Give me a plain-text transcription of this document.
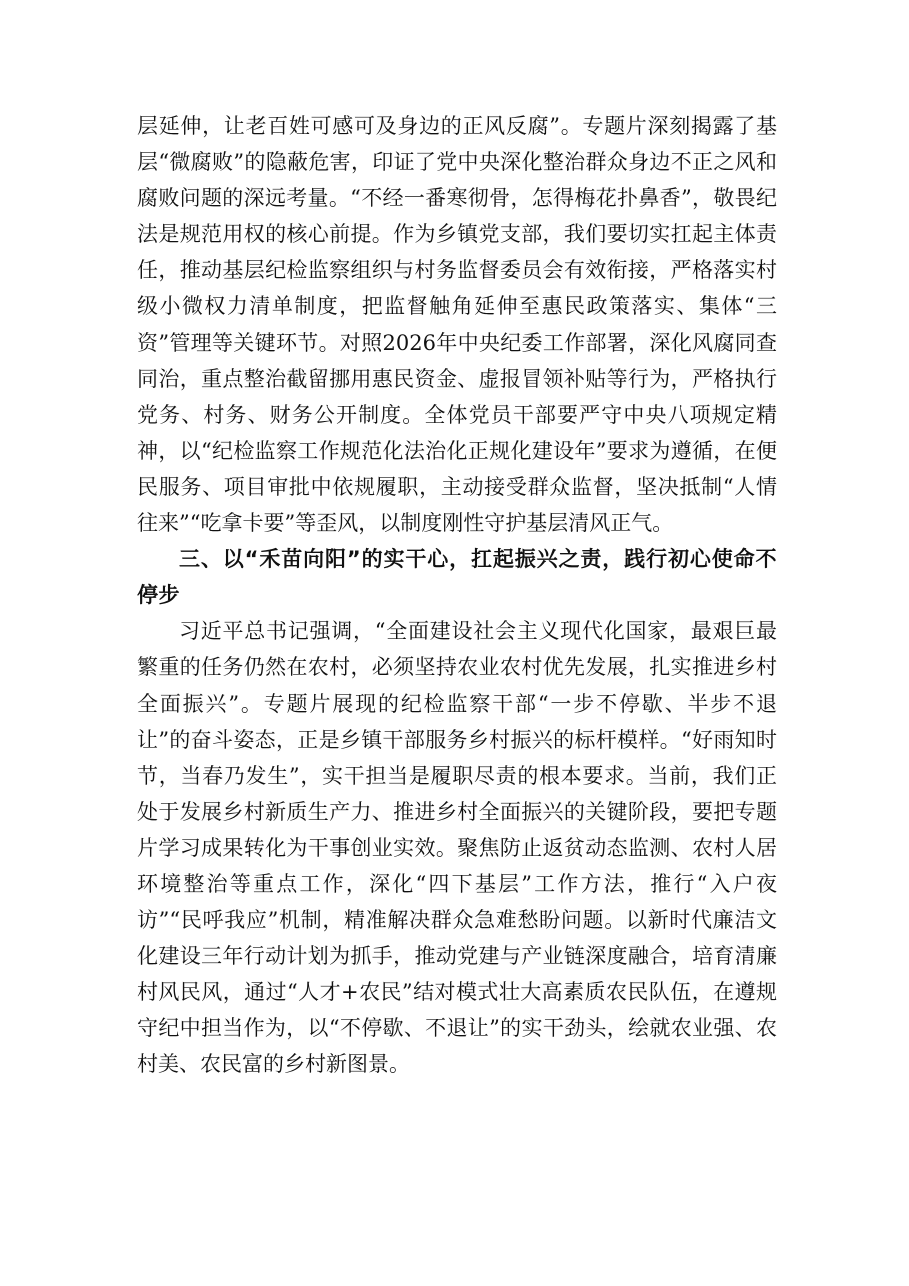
层延伸，让老百姓可感可及身边的正风反腐”。专题片深刻揭露了基层“微腐败”的隐蔽危害，印证了党中央深化整治群众身边不正之风和腐败问题的深远考量。“不经一番寒彻骨，怎得梅花扑鼻香”，敬畏纪法是规范用权的核心前提。作为乡镇党支部，我们要切实扛起主体责任，推动基层纪检监察组织与村务监督委员会有效衔接，严格落实村级小微权力清单制度，把监督触角延伸至惠民政策落实、集体“三资”管理等关键环节。对照2026年中央纪委工作部署，深化风腐同查同治，重点整治截留挪用惠民资金、虚报冒领补贴等行为，严格执行党务、村务、财务公开制度。全体党员干部要严守中央八项规定精神，以“纪检监察工作规范化法治化正规化建设年”要求为遵循，在便民服务、项目审批中依规履职，主动接受群众监督，坚决抵制“人情往来”“吃拿卡要”等歪风，以制度刚性守护基层清风正气。

三、以“禾苗向阳”的实干心，扛起振兴之责，践行初心使命不停步

习近平总书记强调，“全面建设社会主义现代化国家，最艰巨最繁重的任务仍然在农村，必须坚持农业农村优先发展，扎实推进乡村全面振兴”。专题片展现的纪检监察干部“一步不停歇、半步不退让”的奋斗姿态，正是乡镇干部服务乡村振兴的标杆模样。“好雨知时节，当春乃发生”，实干担当是履职尽责的根本要求。当前，我们正处于发展乡村新质生产力、推进乡村全面振兴的关键阶段，要把专题片学习成果转化为干事创业实效。聚焦防止返贫动态监测、农村人居环境整治等重点工作，深化“四下基层”工作方法，推行“入户夜访”“民呼我应”机制，精准解决群众急难愁盼问题。以新时代廉洁文化建设三年行动计划为抓手，推动党建与产业链深度融合，培育清廉村风民风，通过“人才+农民”结对模式壮大高素质农民队伍，在遵规守纪中担当作为，以“不停歇、不退让”的实干劲头，绘就农业强、农村美、农民富的乡村新图景。
